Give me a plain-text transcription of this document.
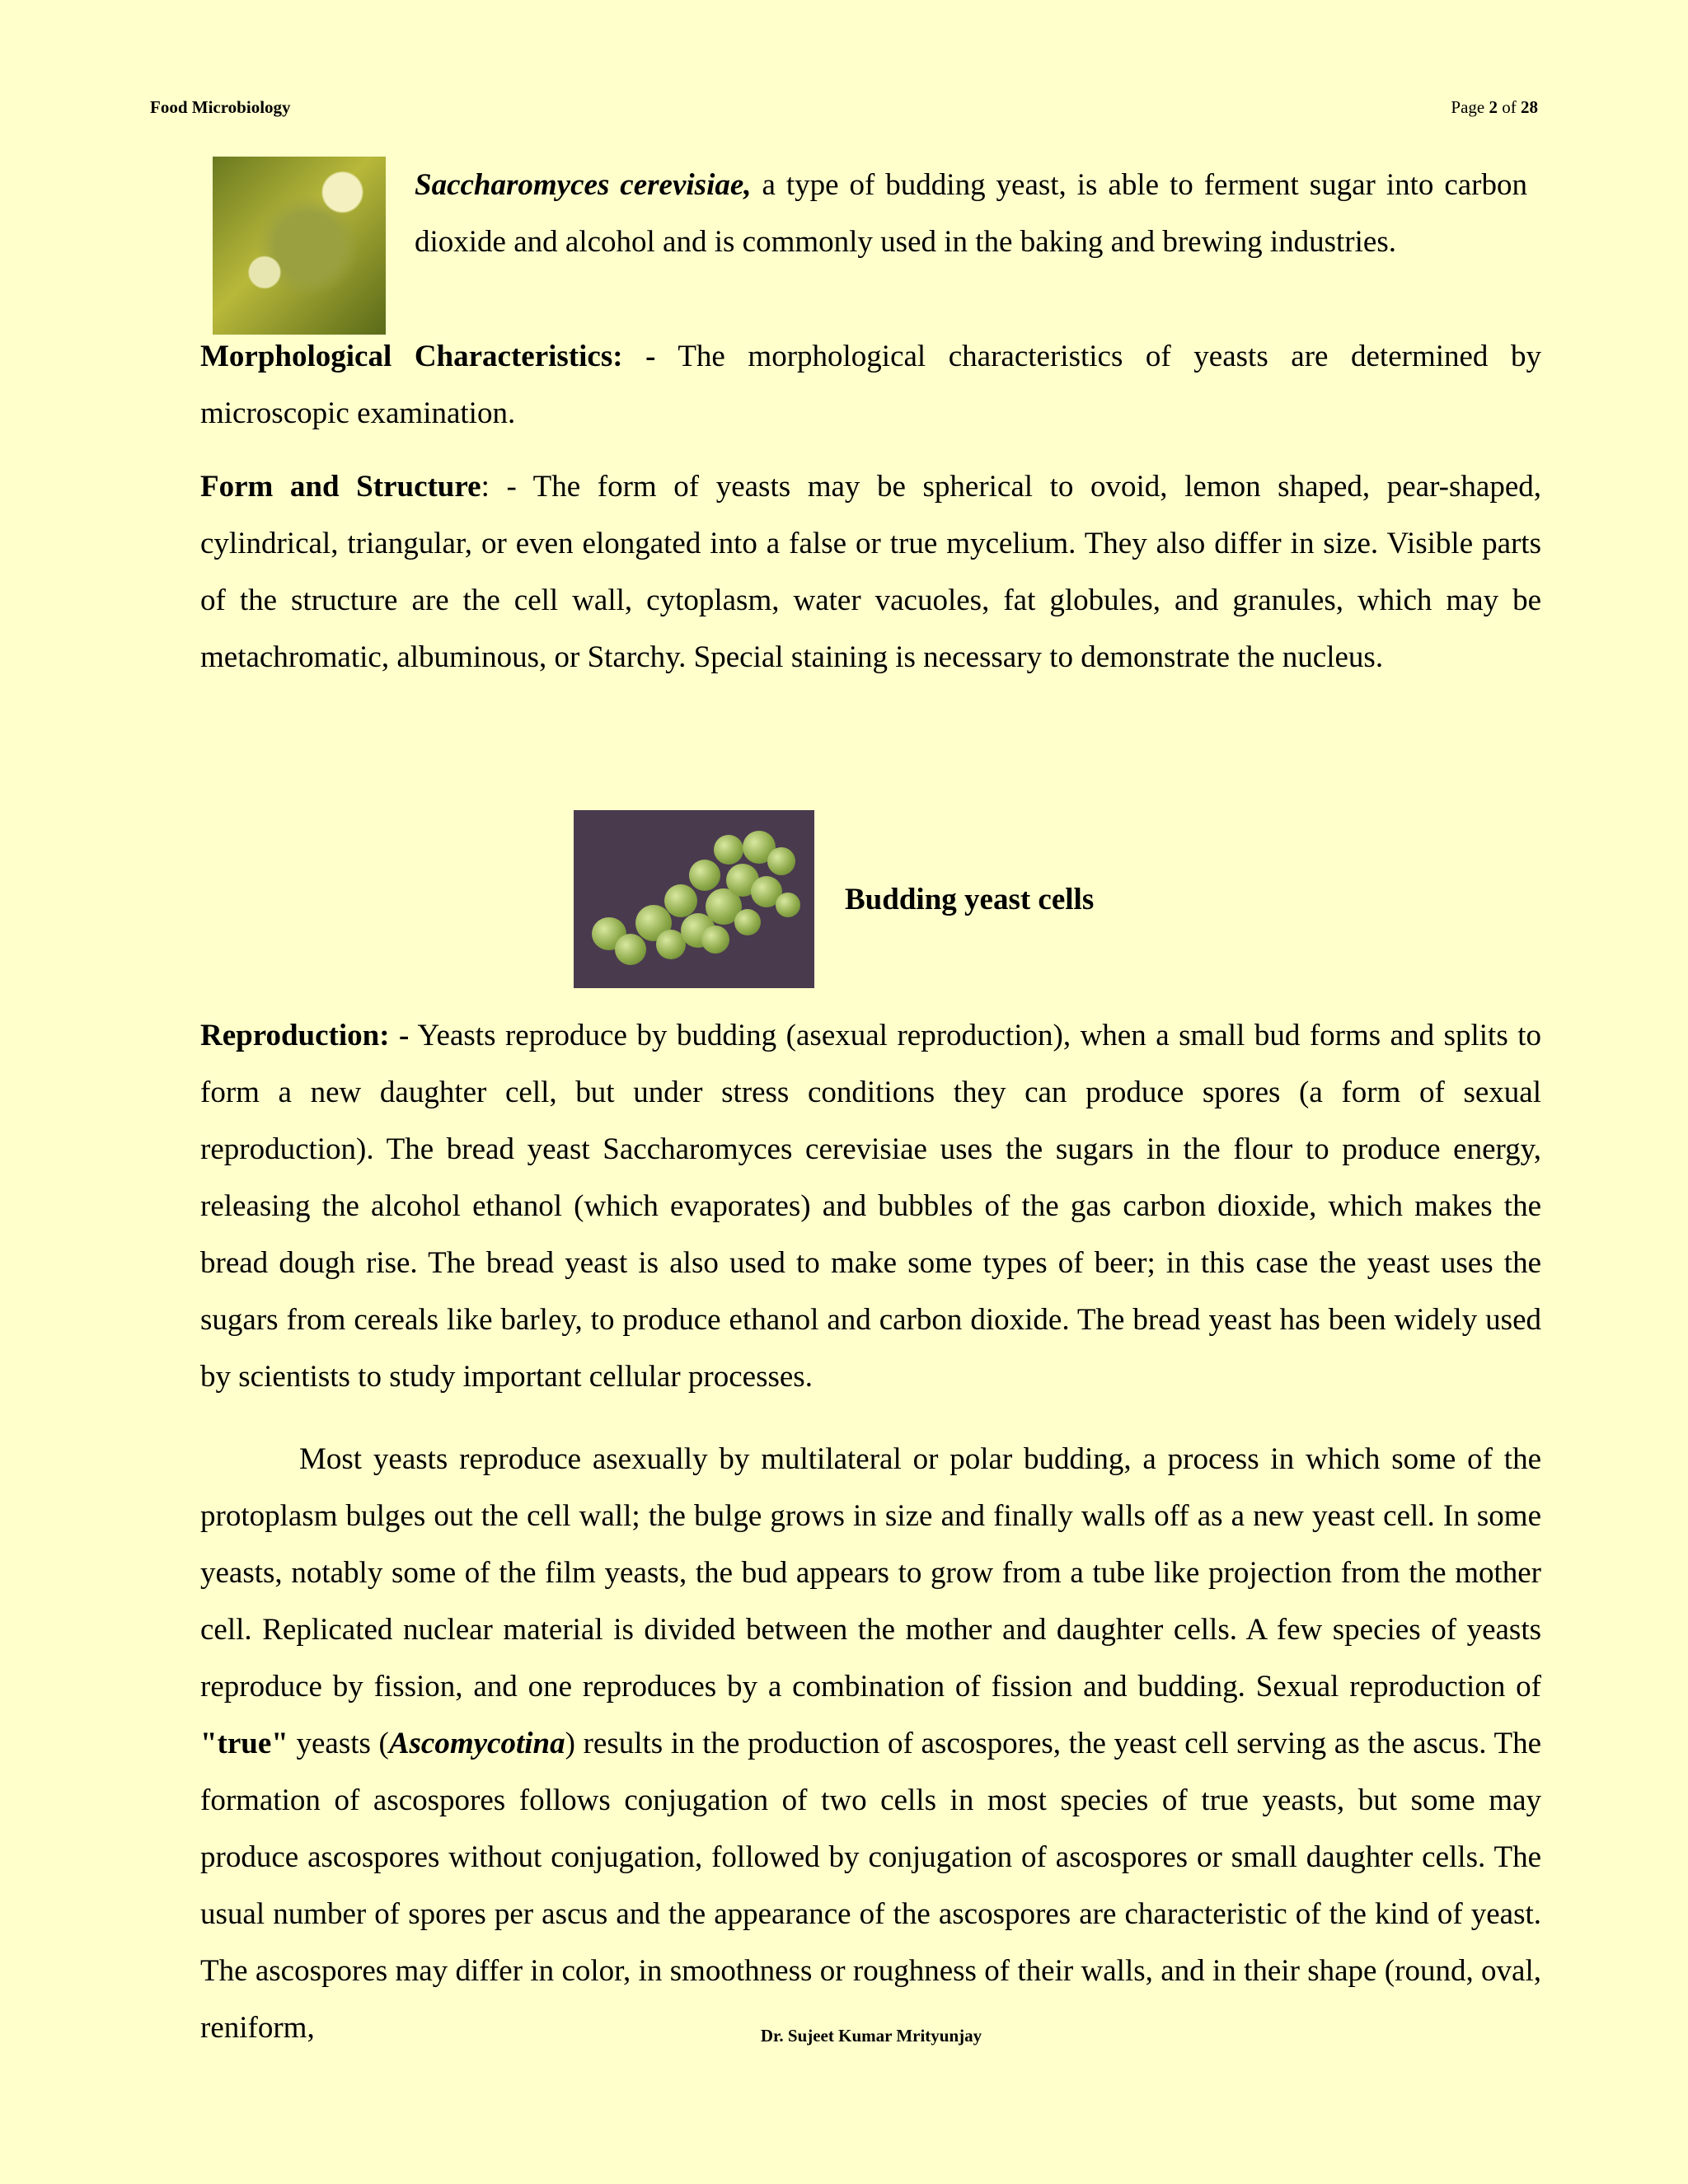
Food Microbiology	Page 2 of 28
Saccharomyces cerevisiae, a type of budding yeast, is able to ferment sugar into carbon dioxide and alcohol and is commonly used in the baking and brewing industries.
Morphological Characteristics: - The morphological characteristics of yeasts are determined by microscopic examination.
Form and Structure: - The form of yeasts may be spherical to ovoid, lemon shaped, pear-shaped, cylindrical, triangular, or even elongated into a false or true mycelium. They also differ in size. Visible parts of the structure are the cell wall, cytoplasm, water vacuoles, fat globules, and granules, which may be metachromatic, albuminous, or Starchy. Special staining is necessary to demonstrate the nucleus.
Budding yeast cells
Reproduction: - Yeasts reproduce by budding (asexual reproduction), when a small bud forms and splits to form a new daughter cell, but under stress conditions they can produce spores (a form of sexual reproduction). The bread yeast Saccharomyces cerevisiae uses the sugars in the flour to produce energy, releasing the alcohol ethanol (which evaporates) and bubbles of the gas carbon dioxide, which makes the bread dough rise. The bread yeast is also used to make some types of beer; in this case the yeast uses the sugars from cereals like barley, to produce ethanol and carbon dioxide. The bread yeast has been widely used by scientists to study important cellular processes.
Most yeasts reproduce asexually by multilateral or polar budding, a process in which some of the protoplasm bulges out the cell wall; the bulge grows in size and finally walls off as a new yeast cell. In some yeasts, notably some of the film yeasts, the bud appears to grow from a tube like projection from the mother cell. Replicated nuclear material is divided between the mother and daughter cells. A few species of yeasts reproduce by fission, and one reproduces by a combination of fission and budding. Sexual reproduction of "true" yeasts (Ascomycotina) results in the production of ascospores, the yeast cell serving as the ascus. The formation of ascospores follows conjugation of two cells in most species of true yeasts, but some may produce ascospores without conjugation, followed by conjugation of ascospores or small daughter cells. The usual number of spores per ascus and the appearance of the ascospores are characteristic of the kind of yeast. The ascospores may differ in color, in smoothness or roughness of their walls, and in their shape (round, oval, reniform,	Dr. Sujeet Kumar Mrityunjay
